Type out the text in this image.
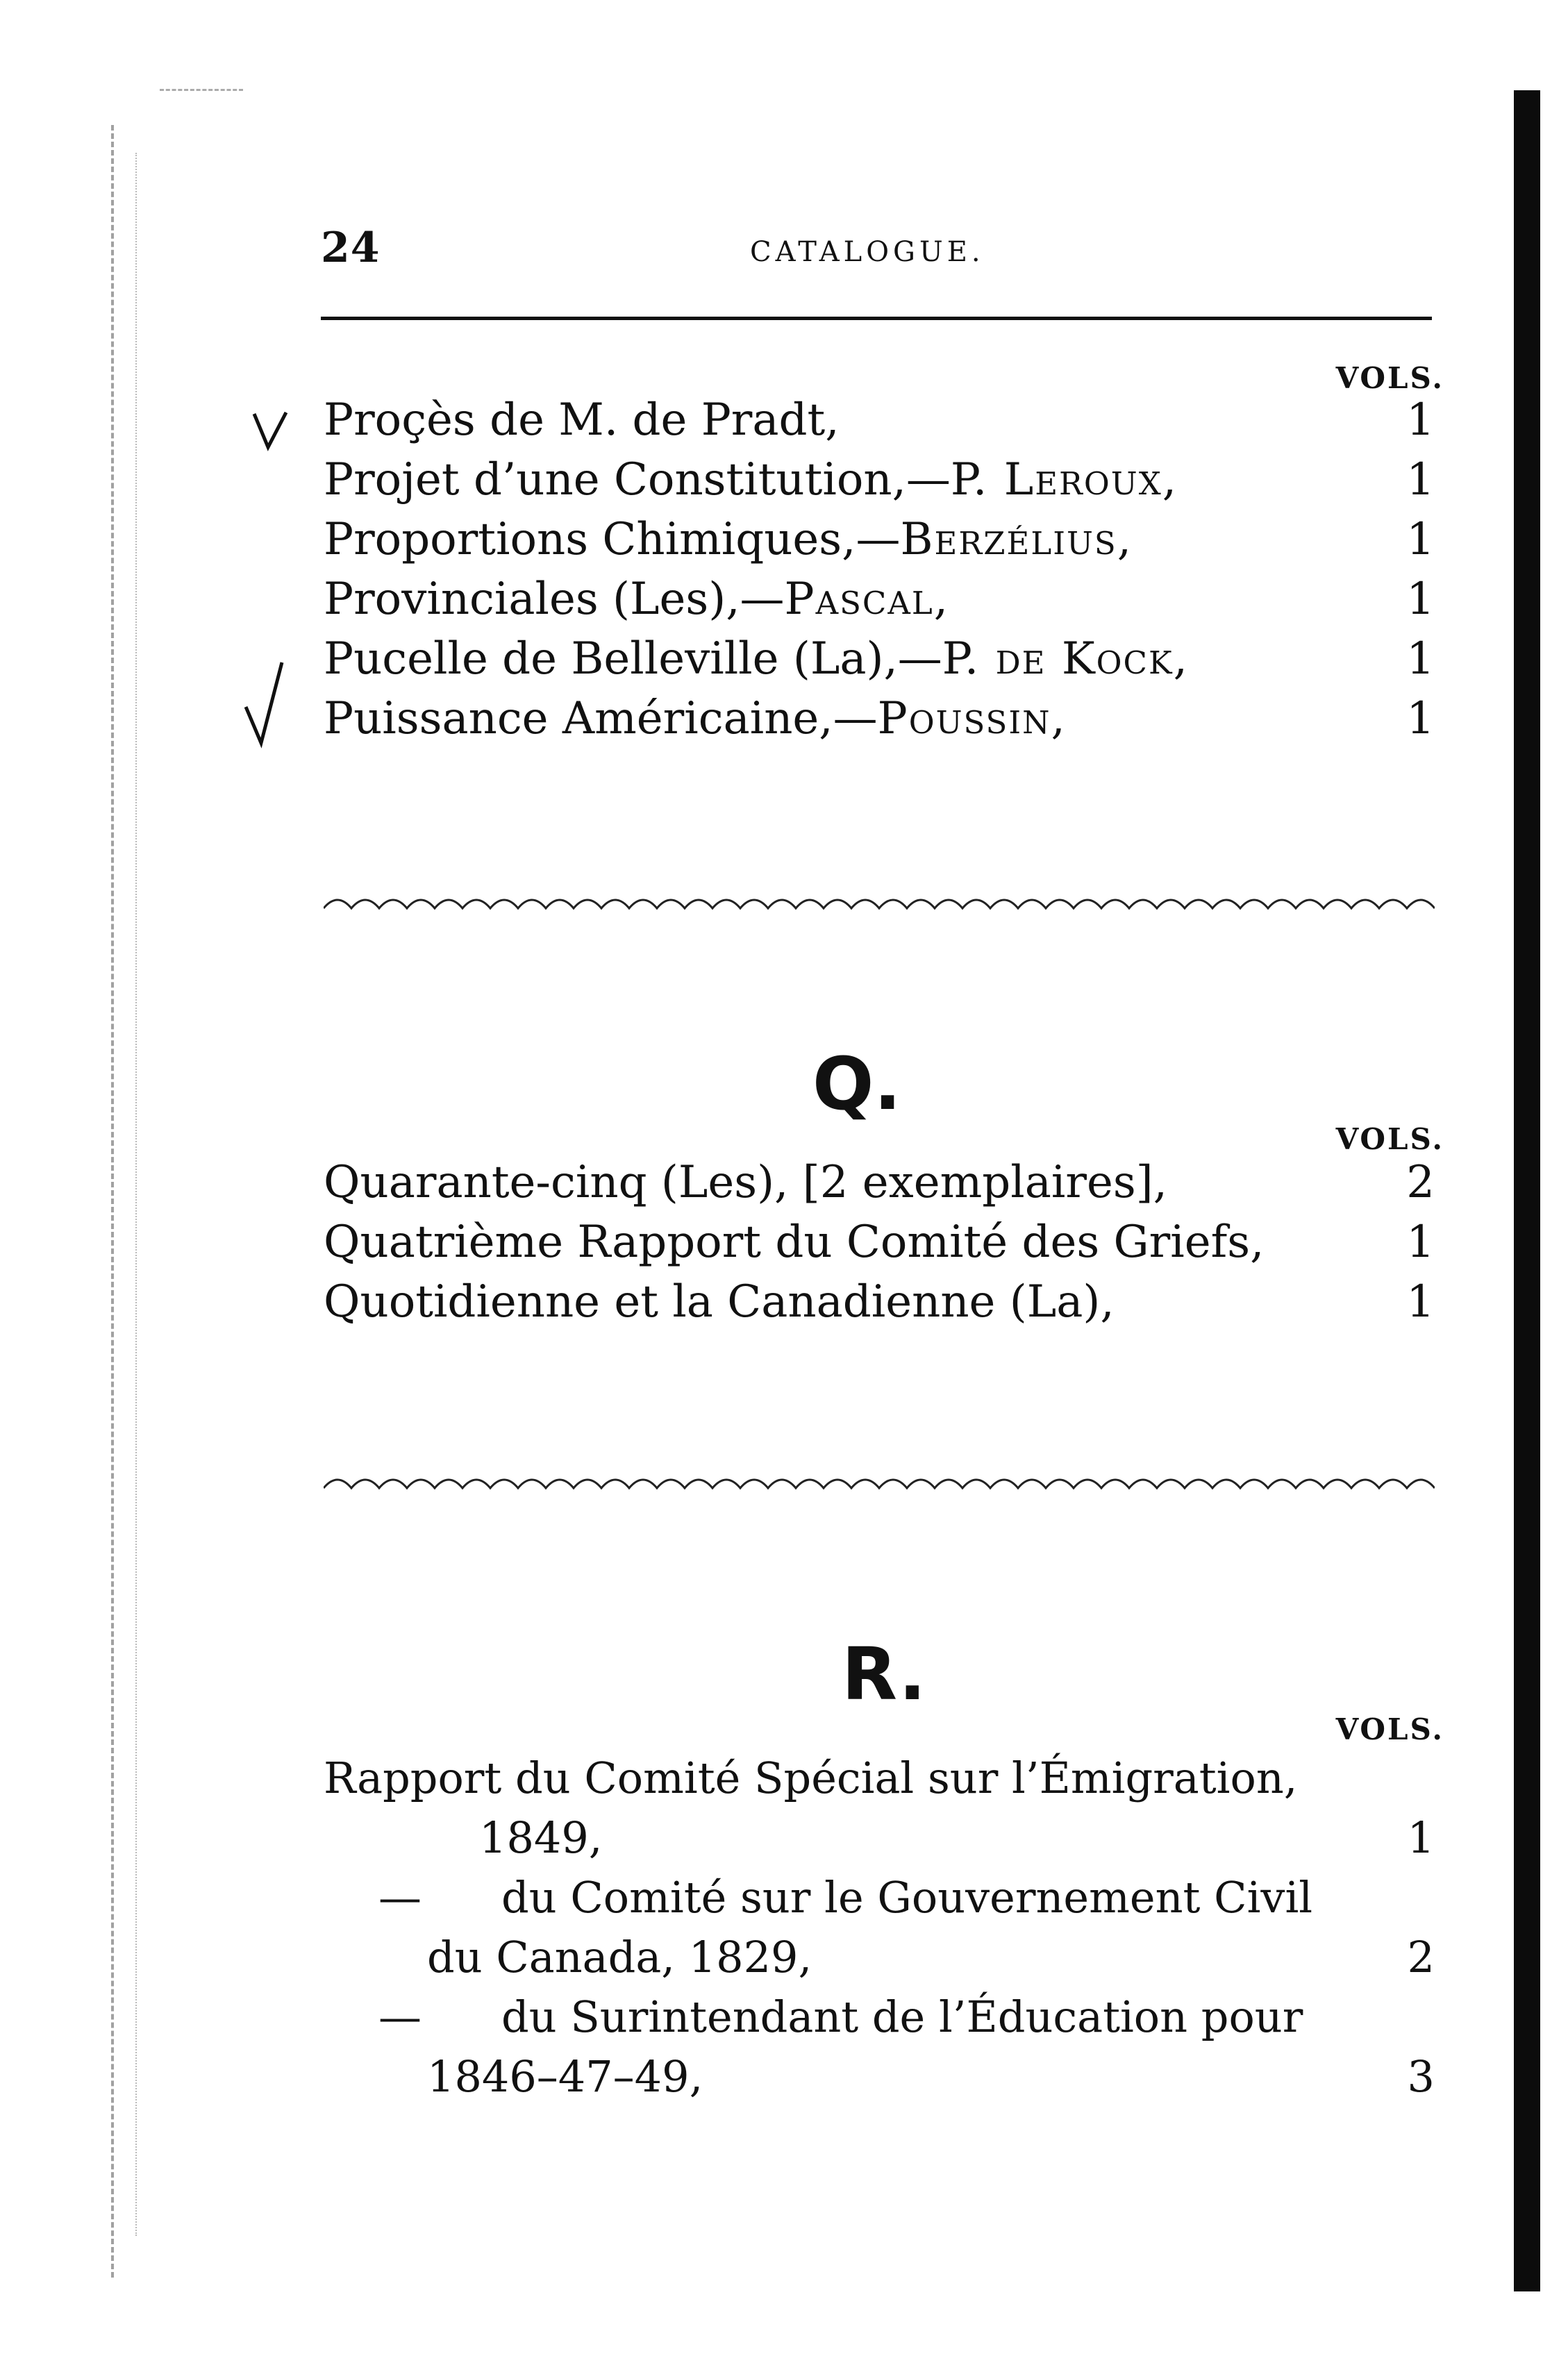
24	CATALOGUE.
VOLS.
Proçès de M. de Pradt,	1
Projet d’une Constitution,—P. Leroux,	1
Proportions Chimiques,—Berzélius,	1
Provinciales (Les),—Pascal,	1
Pucelle de Belleville (La),—P. de Kock,	1
Puissance Américaine,—Poussin,	1
Q.
VOLS.
Quarante-cinq (Les), [2 exemplaires],	2
Quatrième Rapport du Comité des Griefs,	1
Quotidienne et la Canadienne (La),	1
R.
VOLS.
Rapport du Comité Spécial sur l’Émigration,
1849,	1
— du Comité sur le Gouvernement Civil
du Canada, 1829,	2
— du Surintendant de l’Éducation pour
1846–47–49,	3
